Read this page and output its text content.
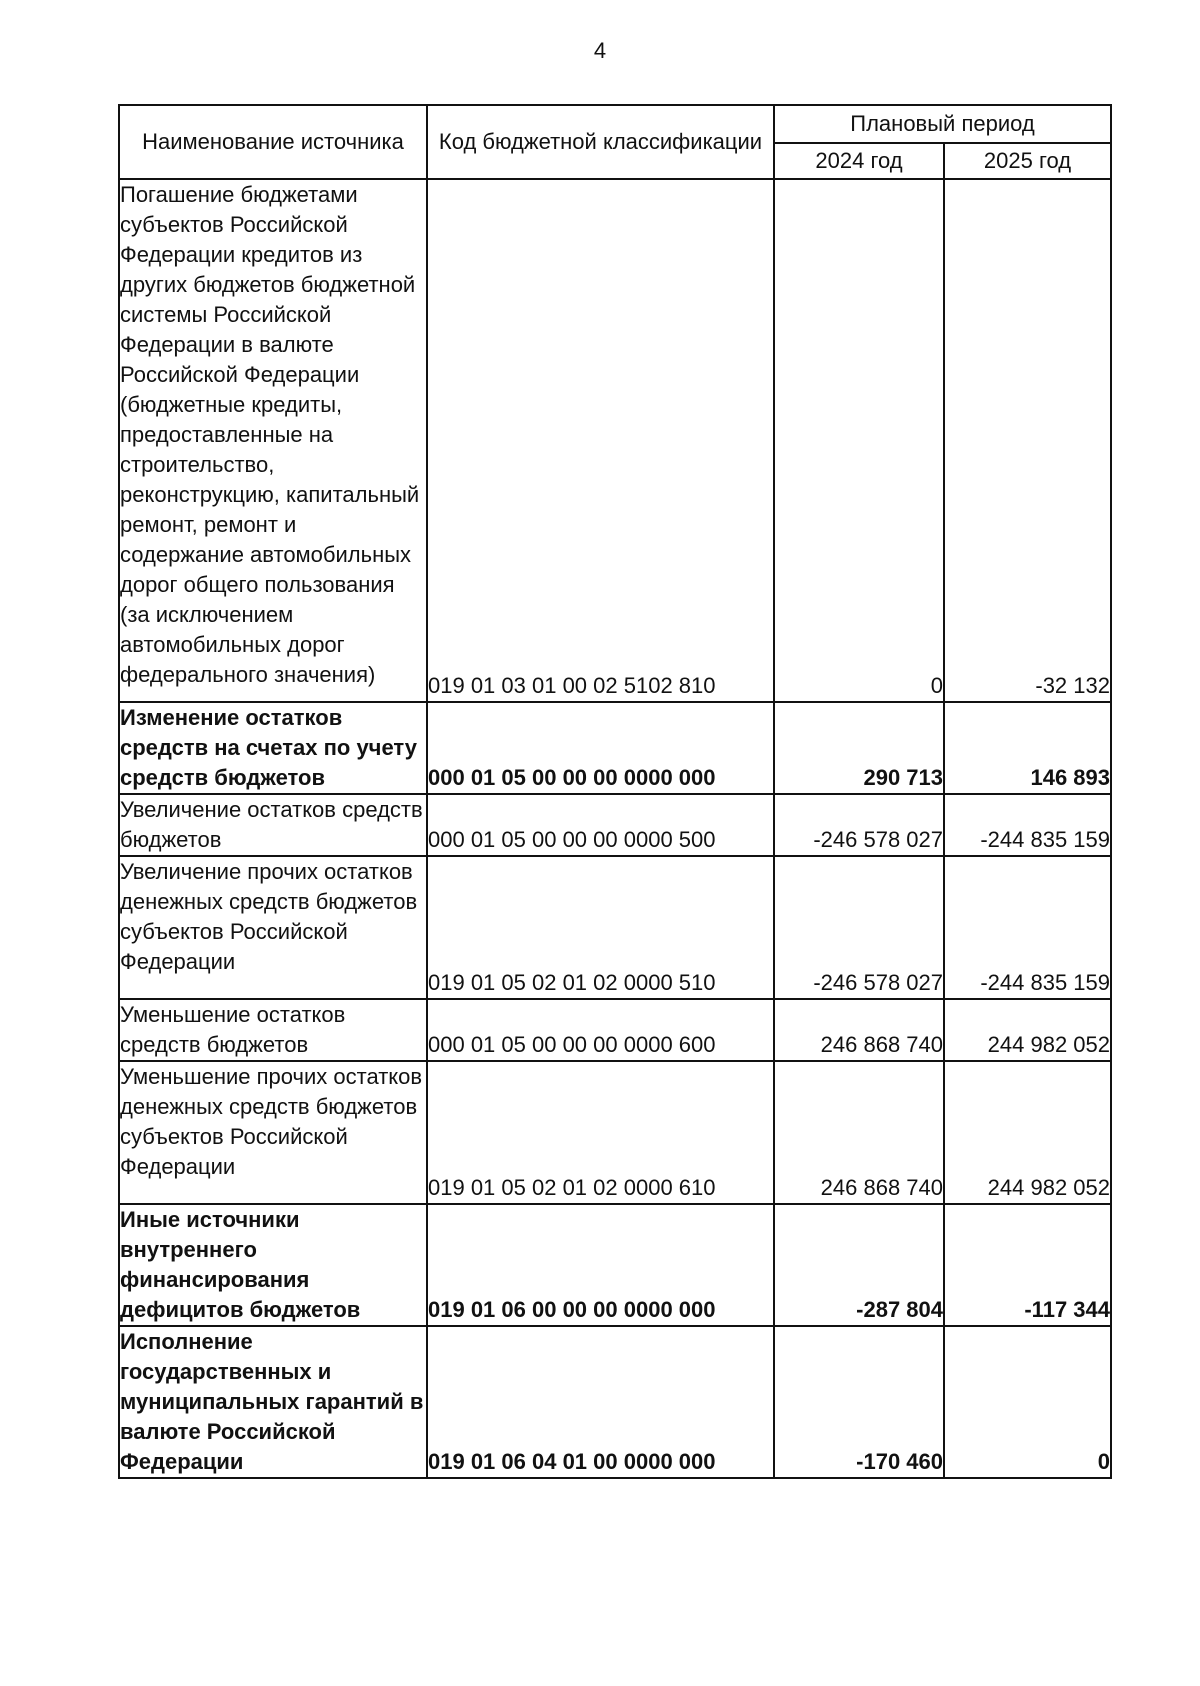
4
Наименование источника	Код бюджетной классификации	Плановый период	
		2024 год	2025 год
Погашение бюджетами субъектов Российской Федерации кредитов из других бюджетов бюджетной системы Российской Федерации в валюте Российской Федерации (бюджетные кредиты, предоставленные на строительство, реконструкцию, капитальный ремонт, ремонт и содержание автомобильных дорог общего пользования (за исключением автомобильных дорог федерального значения)	019 01 03 01 00 02 5102 810	0	-32 132
Изменение остатков средств на счетах по учету средств бюджетов	000 01 05 00 00 00 0000 000	290 713	146 893
Увеличение остатков средств бюджетов	000 01 05 00 00 00 0000 500	-246 578 027	-244 835 159
Увеличение прочих остатков денежных средств бюджетов субъектов Российской Федерации	019 01 05 02 01 02 0000 510	-246 578 027	-244 835 159
Уменьшение остатков средств бюджетов	000 01 05 00 00 00 0000 600	246 868 740	244 982 052
Уменьшение прочих остатков денежных средств бюджетов субъектов Российской Федерации	019 01 05 02 01 02 0000 610	246 868 740	244 982 052
Иные источники внутреннего финансирования дефицитов бюджетов	019 01 06 00 00 00 0000 000	-287 804	-117 344
Исполнение государственных и муниципальных гарантий в валюте Российской Федерации	019 01 06 04 01 00 0000 000	-170 460	0
